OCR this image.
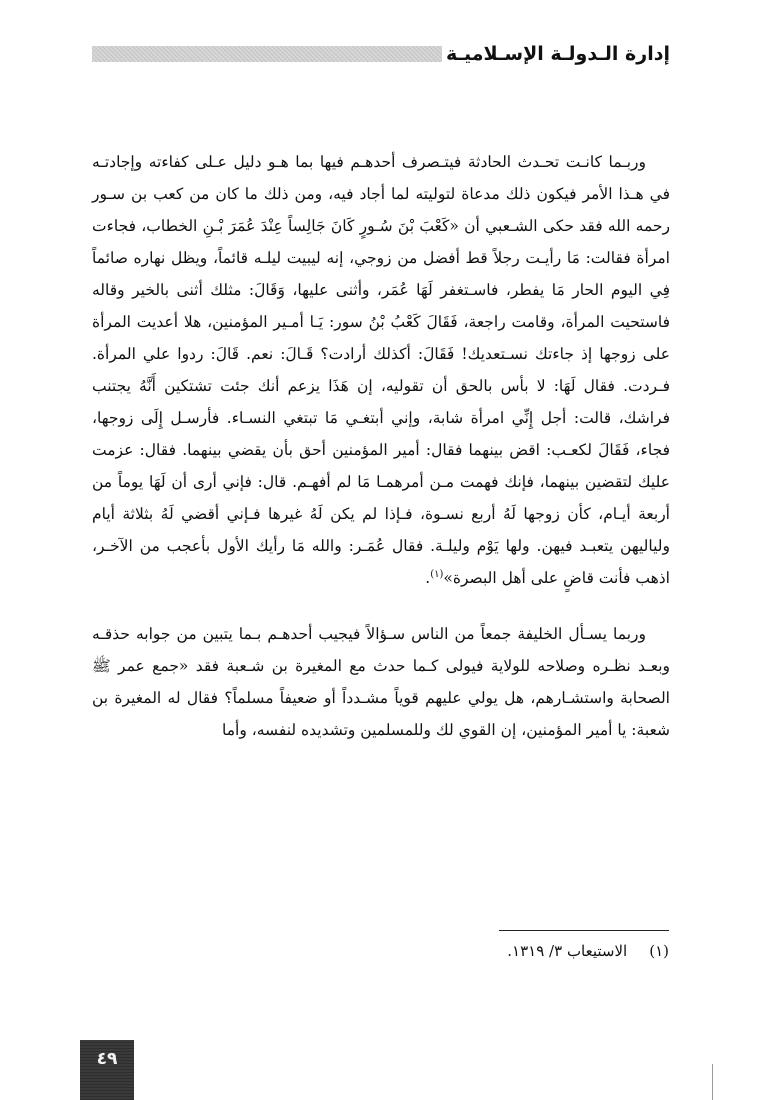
إدارة الـدولـة الإسـلاميـة

وربـما كانـت تحـدث الحادثة فيتـصرف أحدهـم فيها بما هـو دليل عـلى كفاءته وإجادتـه في هـذا الأمر فيكون ذلك مدعاة لتوليته لما أجاد فيه، ومن ذلك ما كان من كعب بن سـور رحمه الله فقد حكى الشـعبي أن «كَعْبَ بْنَ سُـورٍ كَانَ جَالِساً عِنْدَ عُمَرَ بْـنِ الخطاب، فجاءت امرأة فقالت: مَا رأيـت رجلاً قط أفضل من زوجي، إنه ليبيت ليلـه قائماً، ويظل نهاره صائماً فِي اليوم الحار مَا يفطر، فاسـتغفر لَهَا عُمَر، وأثنى عليها، وَقَالَ: مثلك أثنى بالخير وقاله فاستحيت المرأة، وقامت راجعة، فَقَالَ كَعْبُ بْنُ سور: يَـا أمـير المؤمنين، هلا أعديت المرأة على زوجها إذ جاءتك نسـتعديك! فَقَالَ: أكذلك أرادت؟ قَـالَ: نعم. قَالَ: ردوا علي المرأة. فـردت. فقال لَهَا: لا بأس بالحق أن تقوليه، إن هَذَا يزعم أنك جئت تشتكين أَنَّهُ يجتنب فراشك، قالت: أجل إِنِّي امرأة شابة، وإني أبتغـي مَا تبتغي النسـاء. فأرسـل إِلَى زوجها، فجاء، فَقَالَ لكعـب: اقض بينهما فقال: أمير المؤمنين أحق بأن يقضي بينهما. فقال: عزمت عليك لتقضين بينهما، فإنك فهمت مـن أمرهمـا مَا لم أفهـم. قال: فإني أرى أن لَهَا يوماً من أربعة أيـام، كأن زوجها لَهُ أربع نسـوة، فـإذا لم يكن لَهُ غيرها فـإني أقضي لَهُ بثلاثة أيام ولياليهن يتعبـد فيهن. ولها يَوْم وليلـة. فقال عُمَـر: والله مَا رأيك الأول بأعجب من الآخـر، اذهب فأنت قاضٍ على أهل البصرة»$^{(١)}$.

وربما يسـأل الخليفة جمعاً من الناس سـؤالاً فيجيب أحدهـم بـما يتبين من جوابه حذقـه وبعـد نظـره وصلاحه للولاية فيولى كـما حدث مع المغيرة بن شـعبة فقد «جمع عمر ﷺ الصحابة واستشـارهم، هل يولي عليهم قوياً مشـدداً أو ضعيفاً مسلماً؟ فقال له المغيرة بن شعبة: يا أمير المؤمنين، إن القوي لك وللمسلمين وتشديده لنفسه، وأما

(١)الاستيعاب ٣/ ١٣١٩.
٤٩
